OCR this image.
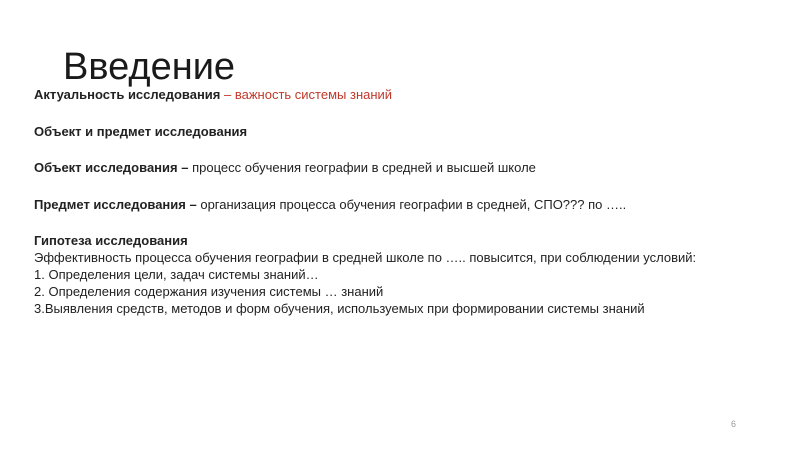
Введение
Актуальность исследования – важность системы знаний
Объект и предмет исследования
Объект исследования – процесс обучения географии в средней и высшей школе
Предмет исследования – организация процесса обучения географии в средней, СПО??? по …..
Гипотеза исследования
Эффективность процесса обучения географии в средней школе по ….. повысится, при соблюдении условий:
1. Определения цели, задач системы знаний…
2. Определения содержания изучения системы … знаний
3.Выявления средств, методов и форм обучения, используемых при формировании системы знаний
6
